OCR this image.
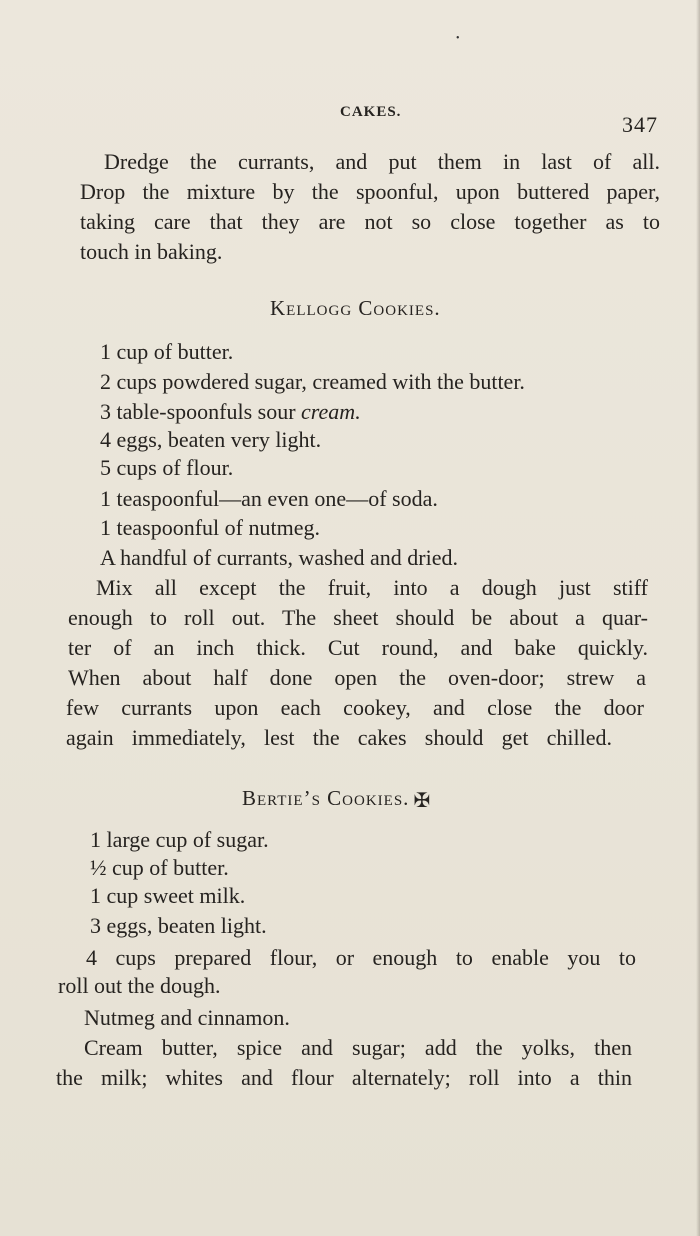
•
CAKES.	347
Dredge the currants, and put them in last of all.
Drop the mixture by the spoonful, upon buttered paper,
taking care that they are not so close together as to
touch in baking.
Kellogg Cookies.
1 cup of butter.
2 cups powdered sugar, creamed with the butter.
3 table-spoonfuls sour cream.
4 eggs, beaten very light.
5 cups of flour.
1 teaspoonful—an even one—of soda.
1 teaspoonful of nutmeg.
A handful of currants, washed and dried.
Mix all except the fruit, into a dough just stiff
enough to roll out. The sheet should be about a quar-
ter of an inch thick. Cut round, and bake quickly.
When about half done open the oven-door; strew a
few currants upon each cookey, and close the door
again immediately, lest the cakes should get chilled.
Bertie’s Cookies. ✠
1 large cup of sugar.
½ cup of butter.
1 cup sweet milk.
3 eggs, beaten light.
4 cups prepared flour, or enough to enable you to
roll out the dough.
Nutmeg and cinnamon.
Cream butter, spice and sugar; add the yolks, then
the milk; whites and flour alternately; roll into a thin
